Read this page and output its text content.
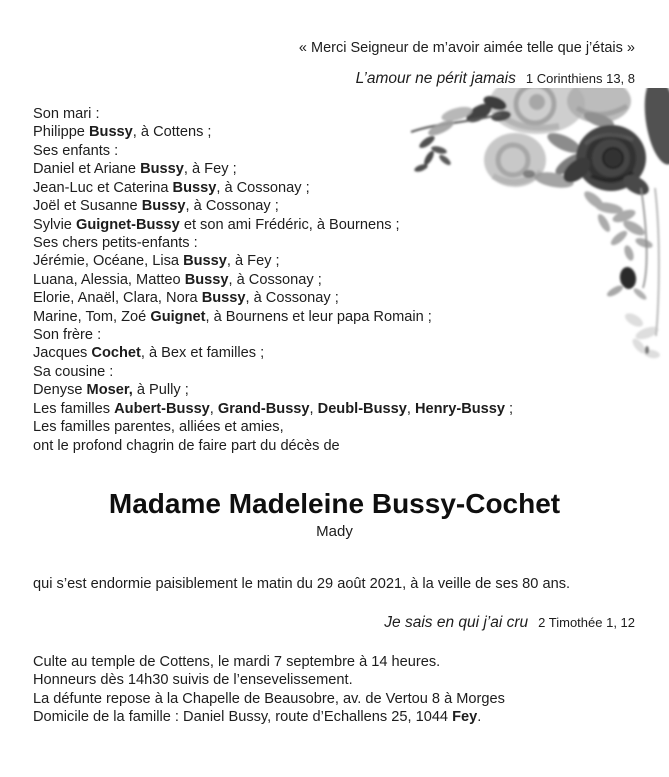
« Merci Seigneur de m’avoir aimée telle que j’étais »
L’amour ne périt jamais 1 Corinthiens 13, 8
Son mari :
Philippe Bussy, à Cottens ;
Ses enfants :
Daniel et Ariane Bussy, à Fey ;
Jean-Luc et Caterina Bussy, à Cossonay ;
Joël et Susanne Bussy, à Cossonay ;
Sylvie Guignet-Bussy et son ami Frédéric, à Bournens ;
Ses chers petits-enfants :
Jérémie, Océane, Lisa Bussy, à Fey ;
Luana, Alessia, Matteo Bussy, à Cossonay ;
Elorie, Anaël, Clara, Nora Bussy, à Cossonay ;
Marine, Tom, Zoé Guignet, à Bournens et leur papa Romain ;
Son frère :
Jacques Cochet, à Bex et familles ;
Sa cousine :
Denyse Moser, à Pully ;
Les familles Aubert-Bussy, Grand-Bussy, Deubl-Bussy, Henry-Bussy ;
Les familles parentes, alliées et amies,
ont le profond chagrin de faire part du décès de
Madame Madeleine Bussy-Cochet
Mady
qui s’est endormie paisiblement le matin du 29 août 2021, à la veille de ses 80 ans.
Je sais en qui j’ai cru 2 Timothée 1, 12
Culte au temple de Cottens, le mardi 7 septembre à 14 heures.
Honneurs dès 14h30 suivis de l’ensevelissement.
La défunte repose à la Chapelle de Beausobre, av. de Vertou 8 à Morges
Domicile de la famille : Daniel Bussy, route d’Echallens 25, 1044 Fey.
